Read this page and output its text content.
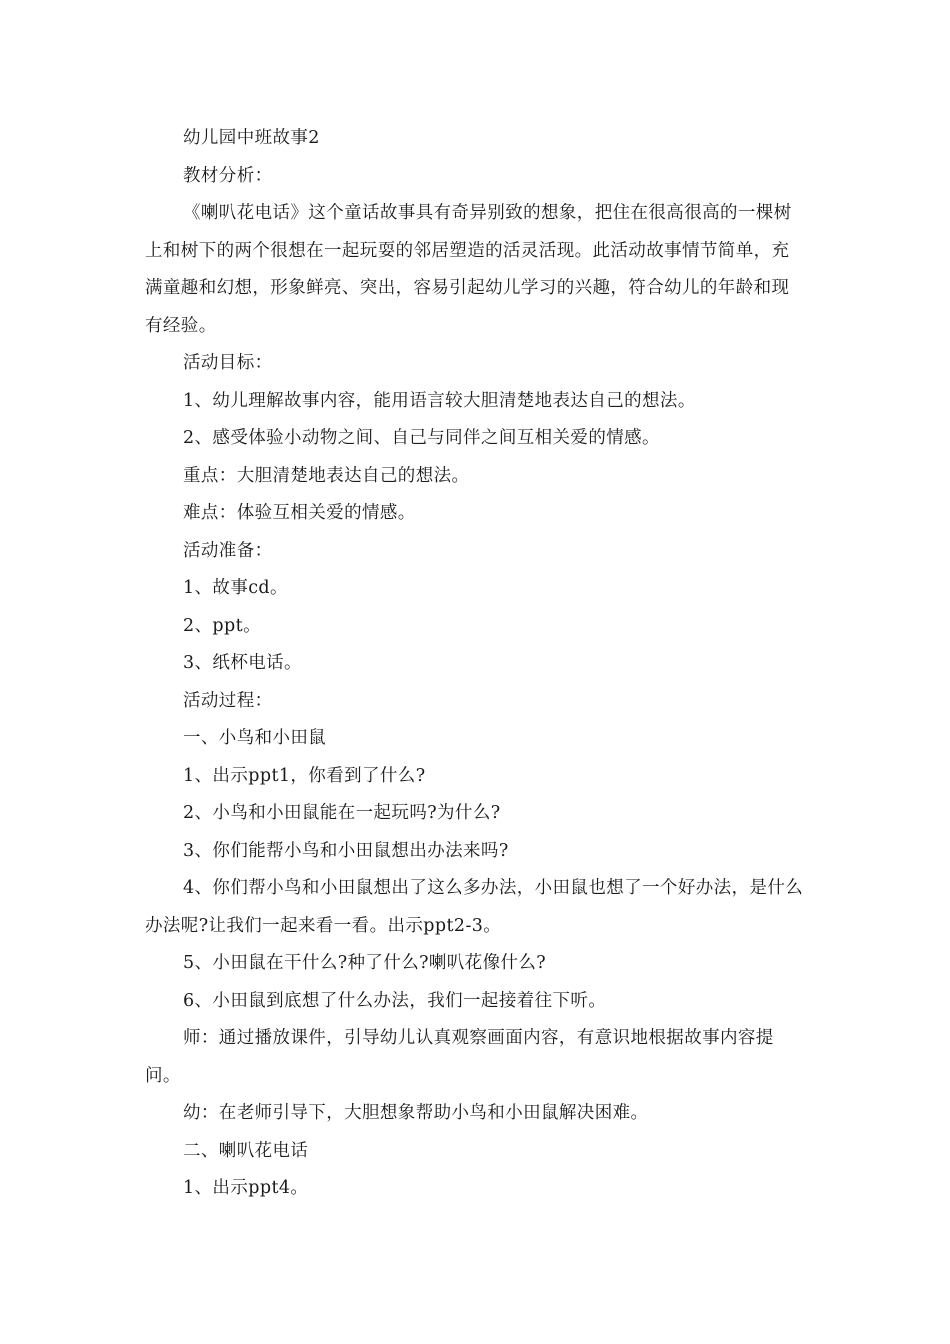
幼儿园中班故事2

教材分析：

《喇叭花电话》这个童话故事具有奇异别致的想象，把住在很高很高的一棵树上和树下的两个很想在一起玩耍的邻居塑造的活灵活现。此活动故事情节简单，充满童趣和幻想，形象鲜亮、突出，容易引起幼儿学习的兴趣，符合幼儿的年龄和现有经验。

活动目标：

1、幼儿理解故事内容，能用语言较大胆清楚地表达自己的想法。

2、感受体验小动物之间、自己与同伴之间互相关爱的情感。

重点：大胆清楚地表达自己的想法。

难点：体验互相关爱的情感。

活动准备：

1、故事cd。

2、ppt。

3、纸杯电话。

活动过程：

一、小鸟和小田鼠

1、出示ppt1，你看到了什么?

2、小鸟和小田鼠能在一起玩吗?为什么?

3、你们能帮小鸟和小田鼠想出办法来吗?

4、你们帮小鸟和小田鼠想出了这么多办法，小田鼠也想了一个好办法，是什么办法呢?让我们一起来看一看。出示ppt2-3。

5、小田鼠在干什么?种了什么?喇叭花像什么?

6、小田鼠到底想了什么办法，我们一起接着往下听。

师：通过播放课件，引导幼儿认真观察画面内容，有意识地根据故事内容提问。

幼：在老师引导下，大胆想象帮助小鸟和小田鼠解决困难。

二、喇叭花电话

1、出示ppt4。
